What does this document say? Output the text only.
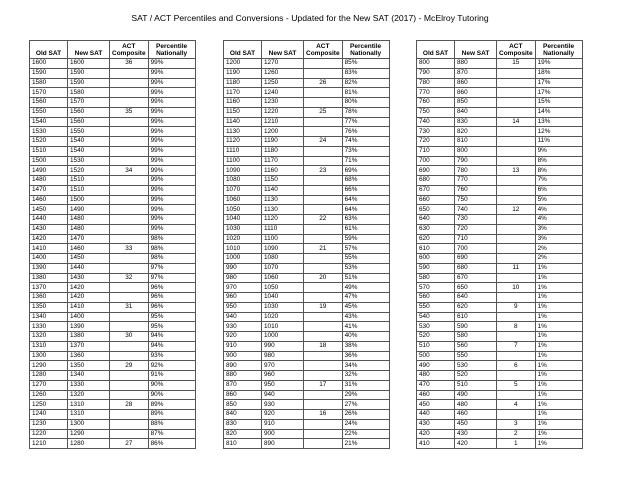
SAT / ACT Percentiles and Conversions - Updated for the New SAT (2017) - McElroy Tutoring
Old SAT	New SAT	ACT
Composite	Percentile
Nationally
1600	1600	36	99%
1590	1590		99%
1580	1590		99%
1570	1580		99%
1560	1570		99%
1550	1560	35	99%
1540	1560		99%
1530	1550		99%
1520	1540		99%
1510	1540		99%
1500	1530		99%
1490	1520	34	99%
1480	1510		99%
1470	1510		99%
1460	1500		99%
1450	1490		99%
1440	1480		99%
1430	1480		99%
1420	1470		98%
1410	1460	33	98%
1400	1450		98%
1390	1440		97%
1380	1430	32	97%
1370	1420		96%
1360	1420		96%
1350	1410	31	96%
1340	1400		95%
1330	1390		95%
1320	1380	30	94%
1310	1370		94%
1300	1360		93%
1290	1350	29	92%
1280	1340		91%
1270	1330		90%
1260	1320		90%
1250	1310	28	89%
1240	1310		89%
1230	1300		88%
1220	1290		87%
1210	1280	27	86%
Old SAT	New SAT	ACT
Composite	Percentile
Nationally
1200	1270		85%
1190	1260		83%
1180	1250	26	82%
1170	1240		81%
1160	1230		80%
1150	1220	25	78%
1140	1210		77%
1130	1200		76%
1120	1190	24	74%
1110	1180		73%
1100	1170		71%
1090	1160	23	69%
1080	1150		68%
1070	1140		66%
1060	1130		64%
1050	1130		64%
1040	1120	22	63%
1030	1110		61%
1020	1100		59%
1010	1090	21	57%
1000	1080		55%
990	1070		53%
980	1060	20	51%
970	1050		49%
960	1040		47%
950	1030	19	45%
940	1020		43%
930	1010		41%
920	1000		40%
910	990	18	38%
900	980		36%
890	970		34%
880	960		32%
870	950	17	31%
860	940		29%
850	930		27%
840	920	16	26%
830	910		24%
820	900		22%
810	890		21%
Old SAT	New SAT	ACT
Composite	Percentile
Nationally
800	880	15	19%
790	870		18%
780	860		17%
770	860		17%
760	850		15%
750	840		14%
740	830	14	13%
730	820		12%
720	810		11%
710	800		9%
700	790		8%
690	780	13	8%
680	770		7%
670	760		6%
660	750		5%
650	740	12	4%
640	730		4%
630	720		3%
620	710		3%
610	700		2%
600	690		2%
590	680	11	1%
580	670		1%
570	650	10	1%
560	640		1%
550	620	9	1%
540	610		1%
530	590	8	1%
520	580		1%
510	560	7	1%
500	550		1%
490	530	6	1%
480	520		1%
470	510	5	1%
460	490		1%
450	480	4	1%
440	460		1%
430	450	3	1%
420	430	2	1%
410	420	1	1%
